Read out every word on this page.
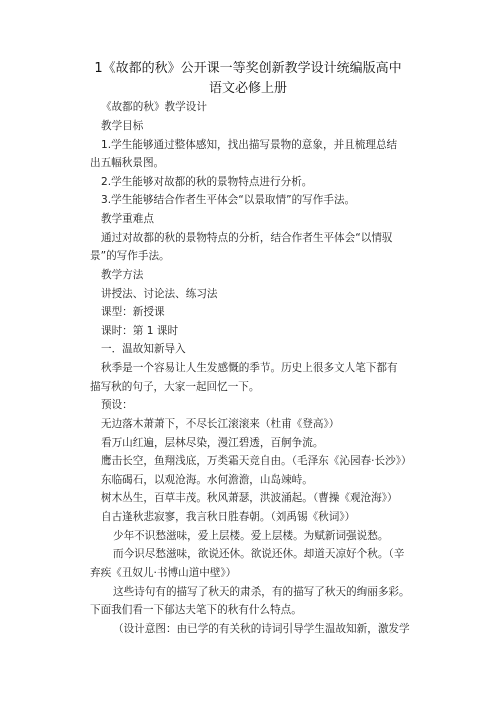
1《故都的秋》公开课一等奖创新教学设计统编版高中
语文必修上册
《故都的秋》教学设计
教学目标
1.学生能够通过整体感知，找出描写景物的意象，并且梳理总结
出五幅秋景图。
2.学生能够对故都的秋的景物特点进行分析。
3.学生能够结合作者生平体会“以景取情”的写作手法。
教学重难点
通过对故都的秋的景物特点的分析，结合作者生平体会“以情驭
景”的写作手法。
教学方法
讲授法、讨论法、练习法
课型：新授课
课时：第 1 课时
一．温故知新导入
秋季是一个容易让人生发感慨的季节。历史上很多文人笔下都有
描写秋的句子，大家一起回忆一下。
预设：
无边落木萧萧下，不尽长江滚滚来（杜甫《登高》）
看万山红遍，层林尽染，漫江碧透，百舸争流。
鹰击长空，鱼翔浅底，万类霜天竞自由。（毛泽东《沁园春·长沙》）
东临碣石，以观沧海。水何澹澹，山岛竦峙。
树木丛生，百草丰茂。秋风萧瑟，洪波涌起。（曹操《观沧海》）
自古逢秋悲寂寥，我言秋日胜春朝。（刘禹锡《秋词》）
少年不识愁滋味，爱上层楼。爱上层楼。为赋新词强说愁。
而今识尽愁滋味，欲说还休。欲说还休。却道天凉好个秋。（辛
弃疾《丑奴儿·书博山道中壁》）
这些诗句有的描写了秋天的肃杀，有的描写了秋天的绚丽多彩。
下面我们看一下郁达夫笔下的秋有什么特点。
（设计意图：由已学的有关秋的诗词引导学生温故知新，激发学
